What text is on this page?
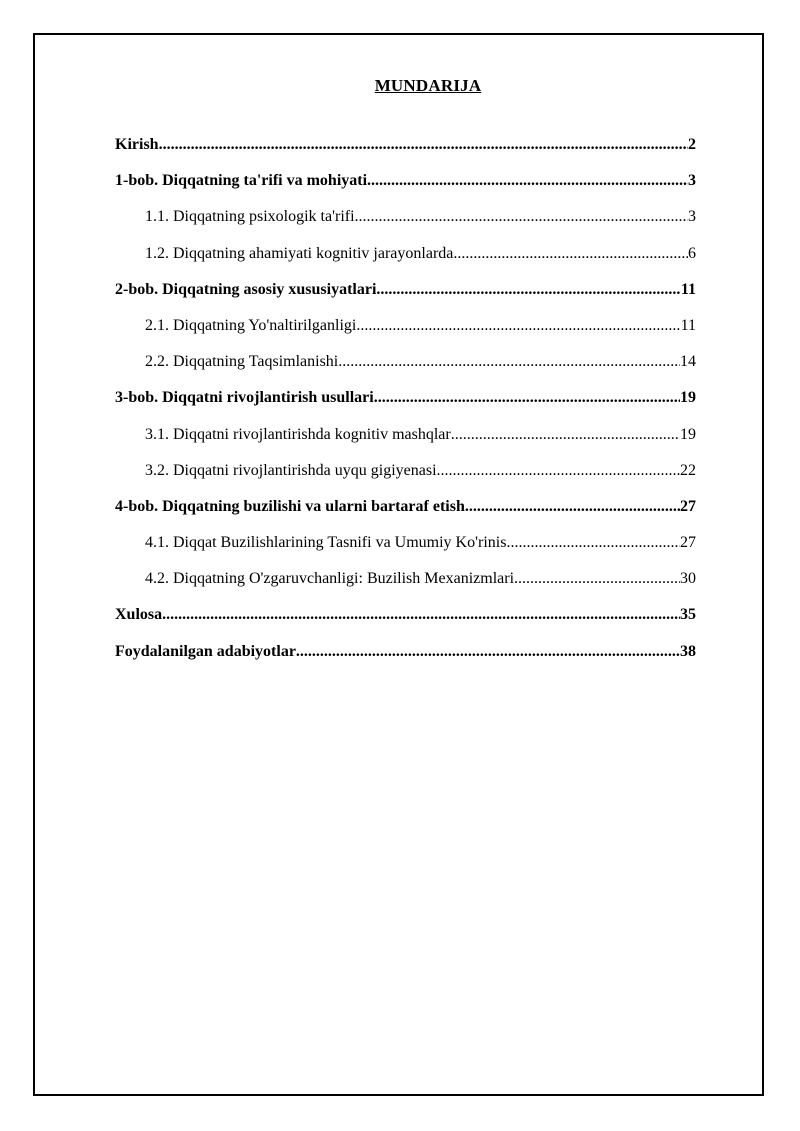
MUNDARIJA
Kirish .....	2
1-bob. Diqqatning ta'rifi va mohiyati .....	3
1.1. Diqqatning psixologik ta'rifi .....	3
1.2. Diqqatning ahamiyati kognitiv jarayonlarda .....	6
2-bob. Diqqatning asosiy xususiyatlari .....	11
2.1. Diqqatning Yo'naltirilganligi .....	11
2.2. Diqqatning Taqsimlanishi .....	14
3-bob. Diqqatni rivojlantirish usullari .....	19
3.1. Diqqatni rivojlantirishda kognitiv mashqlar .....	19
3.2. Diqqatni rivojlantirishda uyqu gigiyenasi .....	22
4-bob. Diqqatning buzilishi va ularni bartaraf etish .....	27
4.1. Diqqat Buzilishlarining Tasnifi va Umumiy Ko'rinis .....	27
4.2. Diqqatning O'zgaruvchanligi: Buzilish Mexanizmlari .....	30
Xulosa .....	35
Foydalanilgan adabiyotlar .....	38
